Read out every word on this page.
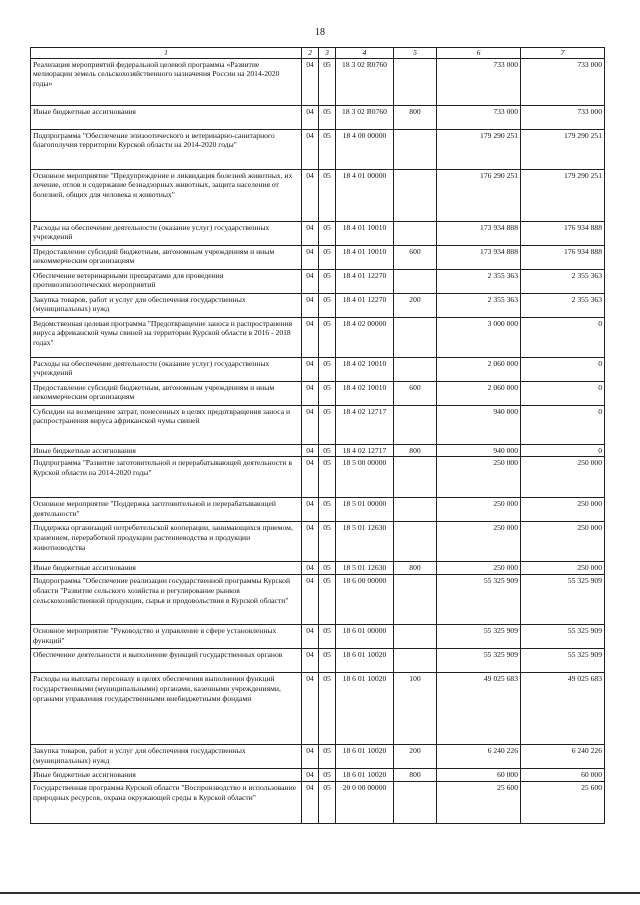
18
1	2	3	4	5	6	7
Реализация мероприятий федеральной целевой программы «Развитие мелиорации земель сельскохозяйственного назначения России на 2014-2020 годы»	04	05	18 3 02 R0760		733 000	733 000
Иные бюджетные ассигнования	04	05	18 3 02 R0760	800	733 000	733 000
Подпрограмма "Обеспечение эпизоотического и ветеринарно-санитарного благополучия территории Курской области на 2014-2020 годы"	04	05	18 4 00 00000		179 290 251	179 290 251
Основное мероприятие "Предупреждение и ликвидация болезней животных, их лечение, отлов и содержание безнадзорных животных, защита населения от болезней, общих для человека и животных"	04	05	18 4 01 00000		176 290 251	179 290 251
Расходы на обеспечение деятельности (оказание услуг) государственных учреждений	04	05	18 4 01 10010		173 934 888	176 934 888
Предоставление субсидий бюджетным, автономным учреждениям и иным некоммерческим организациям	04	05	18 4 01 10010	600	173 934 888	176 934 888
Обеспечение ветеринарными препаратами для проведения противоэпизоотических мероприятий	04	05	18 4 01 12270		2 355 363	2 355 363
Закупка товаров, работ и услуг для обеспечения государственных (муниципальных) нужд	04	05	18 4 01 12270	200	2 355 363	2 355 363
Ведомственная целевая программа "Предотвращение заноса и распространения вируса африканской чумы свиней на территории Курской области в 2016 - 2018 годах"	04	05	18 4 02 00000		3 000 000	0
Расходы на обеспечение деятельности (оказание услуг) государственных учреждений	04	05	18 4 02 10010		2 060 000	0
Предоставление субсидий бюджетным, автономным учреждениям и иным некоммерческим организациям	04	05	18 4 02 10010	600	2 060 000	0
Субсидии на возмещение затрат, понесенных в целях предотвращения заноса и распространения вируса африканской чумы свиней	04	05	18 4 02 12717		940 000	0
Иные бюджетные ассигнования	04	05	18 4 02 12717	800	940 000	0
Подпрограмма "Развитие заготовительной и перерабатывающей деятельности в Курской области на 2014-2020 годы"	04	05	18 5 00 00000		250 000	250 000
Основное мероприятие "Поддержка заготовительной и перерабатывающей деятельности"	04	05	18 5 01 00000		250 000	250 000
Поддержка организаций потребительской кооперации, занимающихся приемом, хранением, переработкой продукции растениеводства и продукции животноводства	04	05	18 5 01 12630		250 000	250 000
Иные бюджетные ассигнования	04	05	18 5 01 12630	800	250 000	250 000
Подпрограмма "Обеспечение реализации государственной программы Курской области "Развитие сельского хозяйства и регулирование рынков сельскохозяйственной продукции, сырья и продовольствия в Курской области"	04	05	18 6 00 00000		55 325 909	55 325 909
Основное мероприятие "Руководство и управление в сфере установленных функций"	04	05	18 6 01 00000		55 325 909	55 325 909
Обеспечение деятельности и выполнение функций государственных органов	04	05	18 6 01 10020		55 325 909	55 325 909
Расходы на выплаты персоналу в целях обеспечения выполнения функций государственными (муниципальными) органами, казенными учреждениями, органами управления государственными внебюджетными фондами	04	05	18 6 01 10020	100	49 025 683	49 025 683
Закупка товаров, работ и услуг для обеспечения государственных (муниципальных) нужд	04	05	18 6 01 10020	200	6 240 226	6 240 226
Иные бюджетные ассигнования	04	05	18 6 01 10020	800	60 000	60 000
Государственная программа Курской области "Воспроизводство и использование природных ресурсов, охрана окружающей среды в Курской области"	04	05	20 0 00 00000		25 600	25 600
